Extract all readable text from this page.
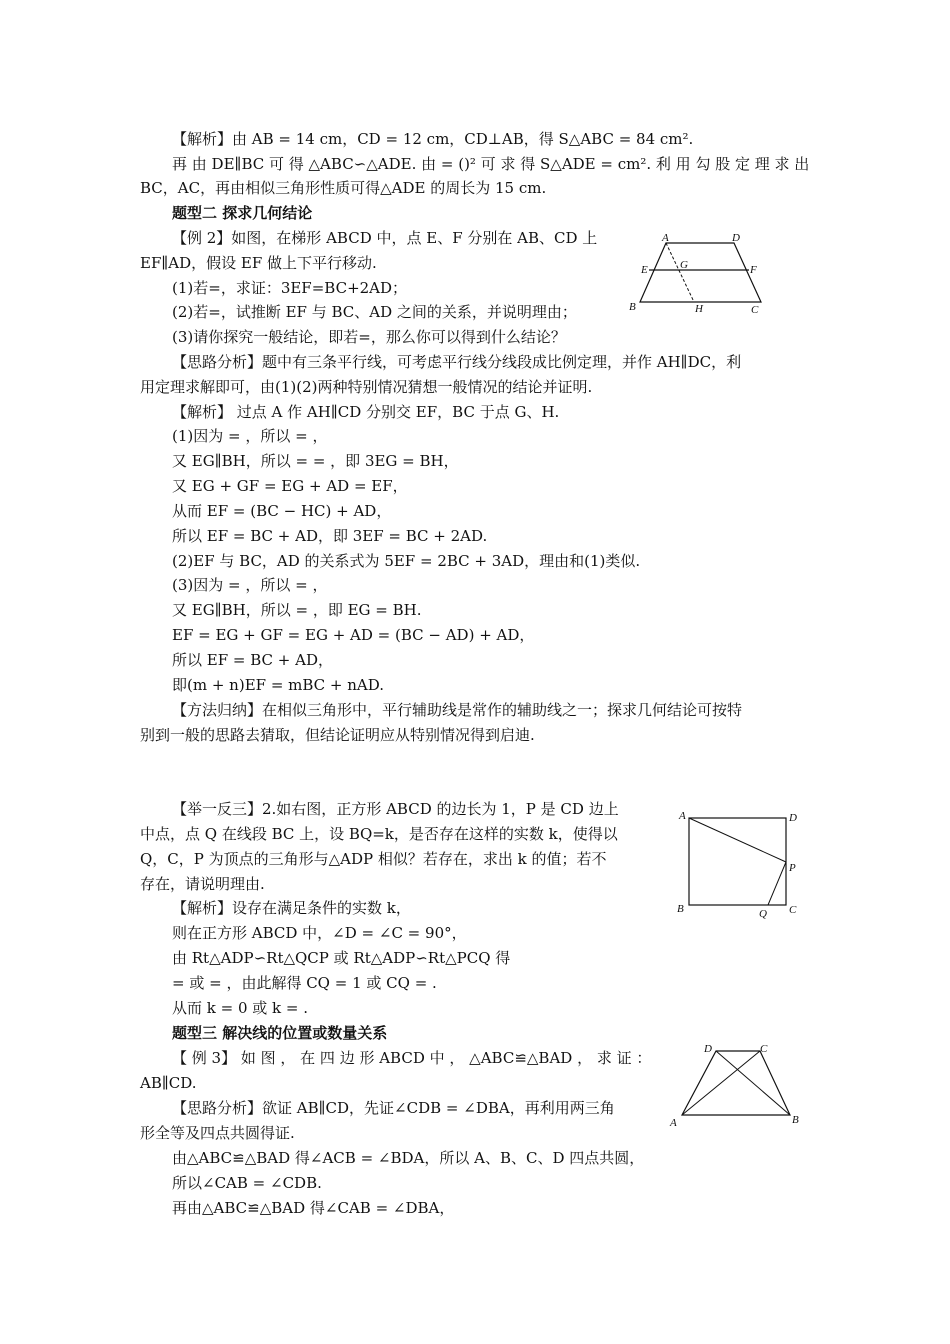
【解析】由 AB = 14 cm，CD = 12 cm，CD⊥AB，得 S△ABC = 84 cm².
再 由 DE∥BC 可 得 △ABC∽△ADE. 由 = ()² 可 求 得 S△ADE = cm². 利 用 勾 股 定 理 求 出
BC，AC，再由相似三角形性质可得△ADE 的周长为 15 cm.
题型二 探求几何结论
【例 2】如图，在梯形 ABCD 中，点 E、F 分别在 AB、CD 上
EF∥AD，假设 EF 做上下平行移动.
(1)若=，求证：3EF=BC+2AD；
(2)若=，试推断 EF 与 BC、AD 之间的关系，并说明理由；
(3)请你探究一般结论，即若=，那么你可以得到什么结论？
【思路分析】题中有三条平行线，可考虑平行线分线段成比例定理，并作 AH∥DC，利
用定理求解即可，由(1)(2)两种特别情况猜想一般情况的结论并证明.
【解析】 过点 A 作 AH∥CD 分别交 EF，BC 于点 G、H.
(1)因为 = ，所以 = ，
又 EG∥BH，所以 = = ，即 3EG = BH，
又 EG + GF = EG + AD = EF，
从而 EF = (BC − HC) + AD，
所以 EF = BC + AD，即 3EF = BC + 2AD.
(2)EF 与 BC，AD 的关系式为 5EF = 2BC + 3AD，理由和(1)类似.
(3)因为 = ，所以 = ，
又 EG∥BH，所以 = ，即 EG = BH.
EF = EG + GF = EG + AD = (BC − AD) + AD，
所以 EF = BC + AD，
即(m + n)EF = mBC + nAD.
【方法归纳】在相似三角形中，平行辅助线是常作的辅助线之一；探求几何结论可按特
别到一般的思路去猜取，但结论证明应从特别情况得到启迪.
【举一反三】2.如右图，正方形 ABCD 的边长为 1，P 是 CD 边上
中点，点 Q 在线段 BC 上，设 BQ=k，是否存在这样的实数 k，使得以
Q，C，P 为顶点的三角形与△ADP 相似？若存在，求出 k 的值；若不
存在，请说明理由.
【解析】设存在满足条件的实数 k，
则在正方形 ABCD 中，∠D = ∠C = 90°，
由 Rt△ADP∽Rt△QCP 或 Rt△ADP∽Rt△PCQ 得
= 或 = ，由此解得 CQ = 1 或 CQ = .
从而 k = 0 或 k = .
题型三 解决线的位置或数量关系
【 例 3】 如 图 ， 在 四 边 形 ABCD 中 ， △ABC≌△BAD ， 求 证 ：
AB∥CD.
【思路分析】欲证 AB∥CD，先证∠CDB = ∠DBA，再利用两三角
形全等及四点共圆得证.
由△ABC≌△BAD 得∠ACB = ∠BDA，所以 A、B、C、D 四点共圆，
所以∠CAB = ∠CDB.
再由△ABC≌△BAD 得∠CAB = ∠DBA，
A	D
E	F
G
B	H	C
A	D
P
B	Q C
D	C
A	B
